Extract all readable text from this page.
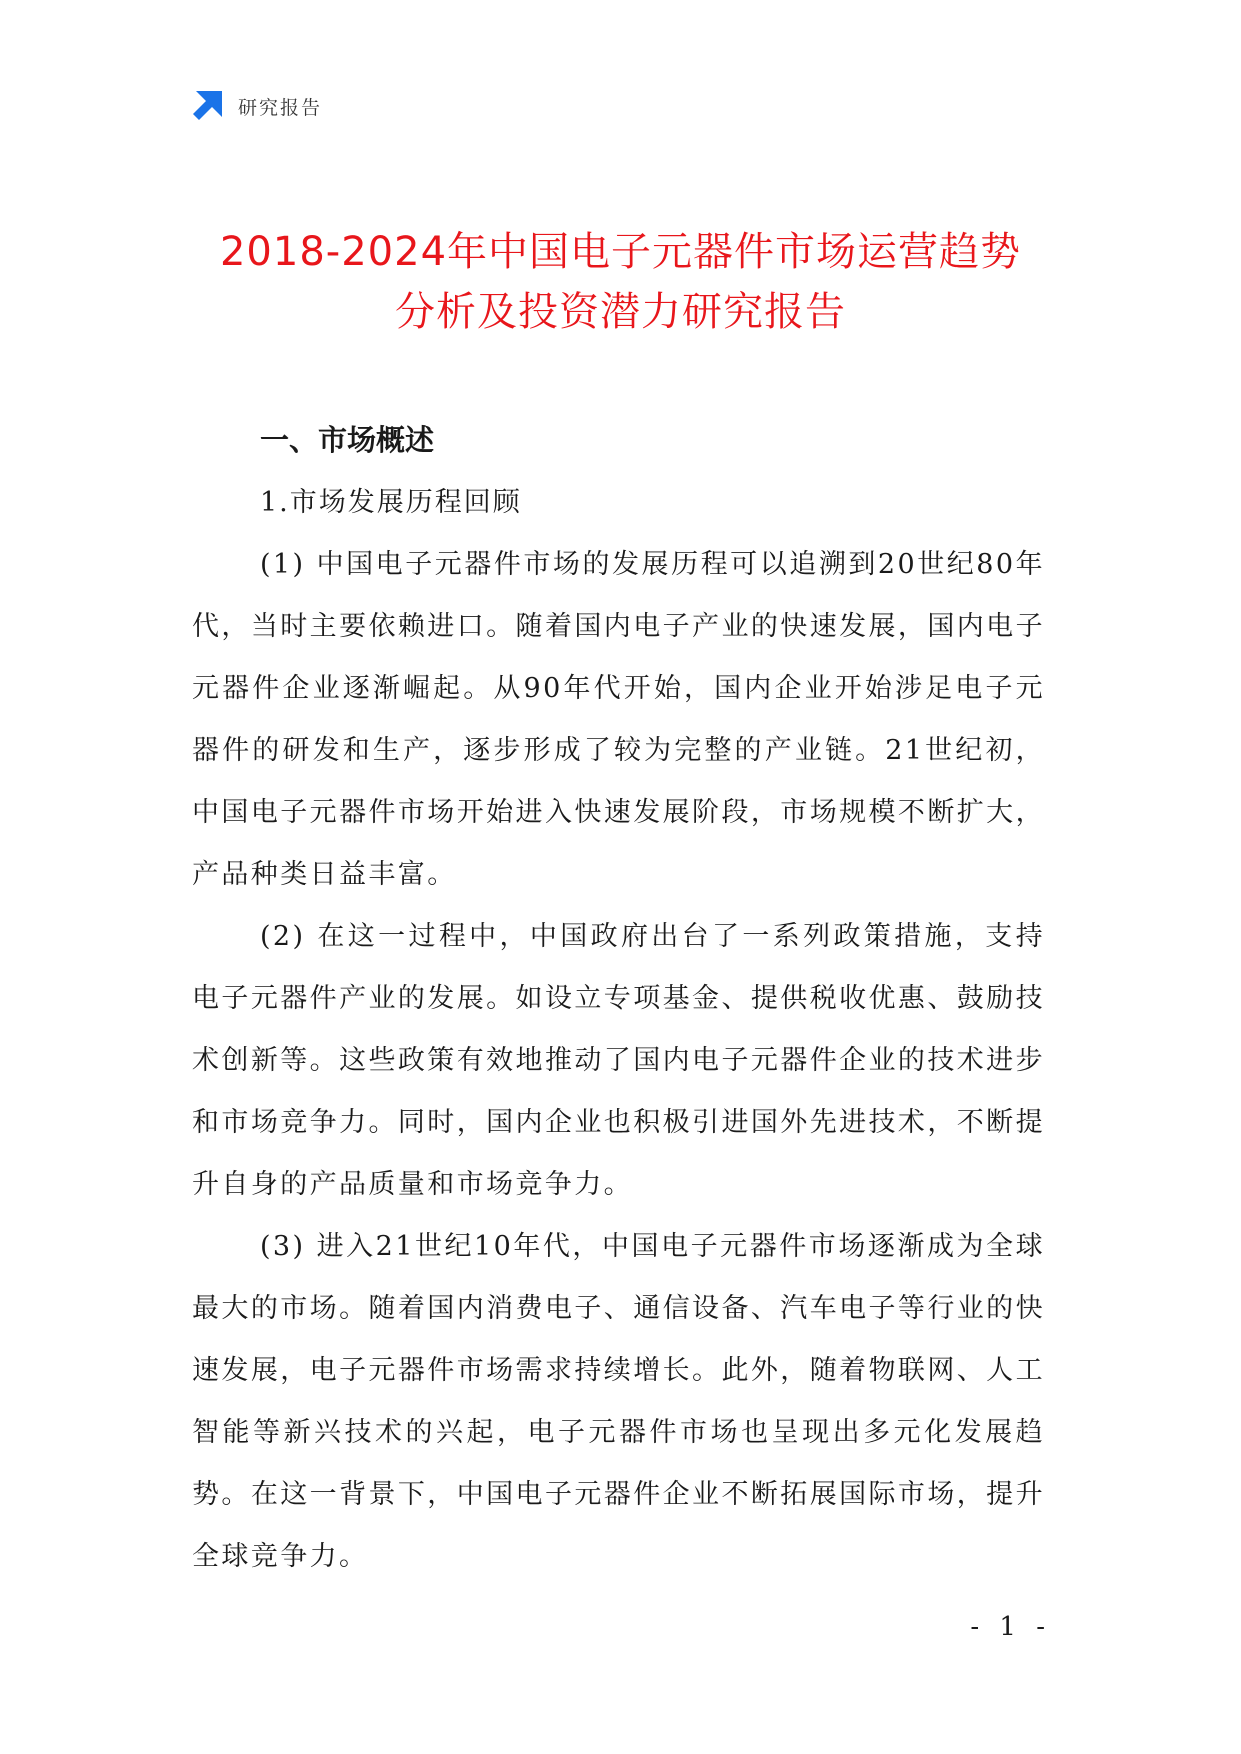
研究报告
2018-2024年中国电子元器件市场运营趋势
分析及投资潜力研究报告
一、市场概述

1.市场发展历程回顾

(1) 中国电子元器件市场的发展历程可以追溯到20世纪80年代，当时主要依赖进口。随着国内电子产业的快速发展，国内电子元器件企业逐渐崛起。从90年代开始，国内企业开始涉足电子元器件的研发和生产，逐步形成了较为完整的产业链。21世纪初，中国电子元器件市场开始进入快速发展阶段，市场规模不断扩大，产品种类日益丰富。

(2) 在这一过程中，中国政府出台了一系列政策措施，支持电子元器件产业的发展。如设立专项基金、提供税收优惠、鼓励技术创新等。这些政策有效地推动了国内电子元器件企业的技术进步和市场竞争力。同时，国内企业也积极引进国外先进技术，不断提升自身的产品质量和市场竞争力。

(3) 进入21世纪10年代，中国电子元器件市场逐渐成为全球最大的市场。随着国内消费电子、通信设备、汽车电子等行业的快速发展，电子元器件市场需求持续增长。此外，随着物联网、人工智能等新兴技术的兴起，电子元器件市场也呈现出多元化发展趋势。在这一背景下，中国电子元器件企业不断拓展国际市场，提升全球竞争力。

- 1 -
